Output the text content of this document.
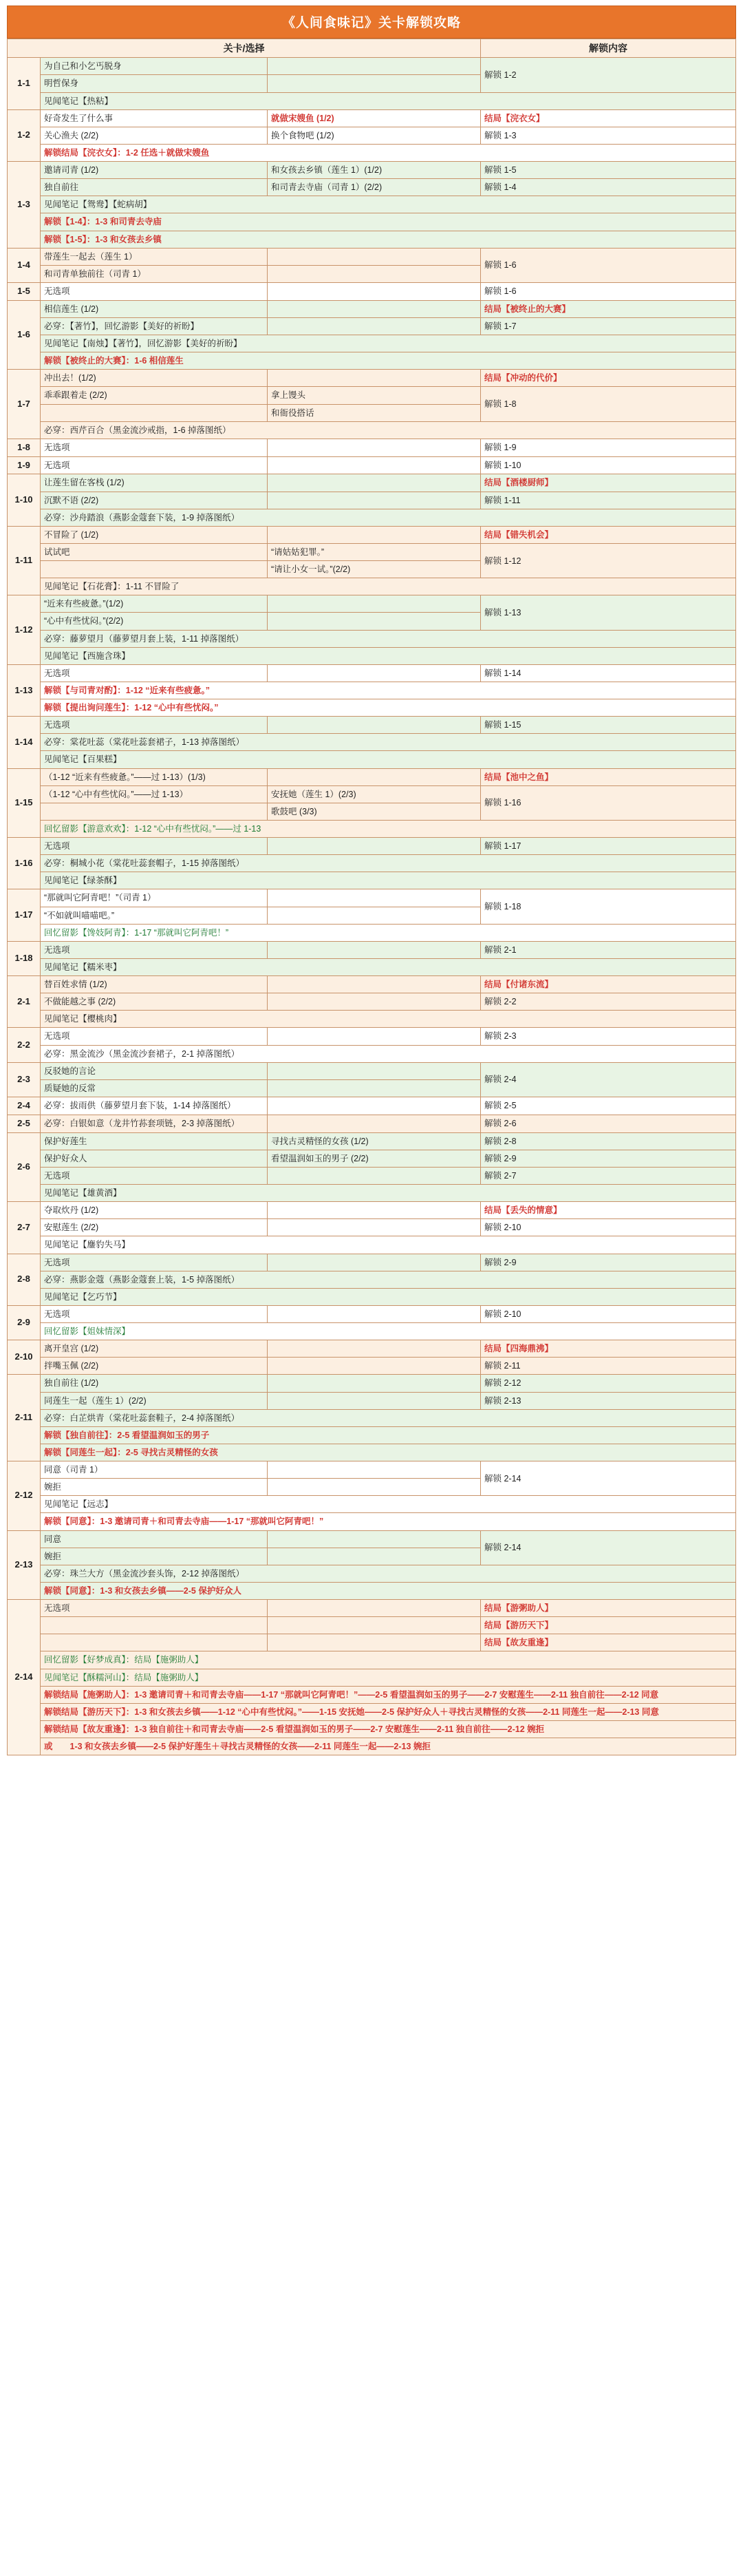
《人间食味记》关卡解锁攻略
关卡/选择			解锁内容
1-1	为自己和小乞丐脱身		解锁 1-2
	明哲保身		
	见闻笔记【热粘】		
1-2	好奇发生了什么事	就做宋嫂鱼 (1/2)	结局【浣衣女】
	关心渔夫 (2/2)	换个食物吧 (1/2)	解锁 1-3
	解锁结局【浣衣女】：1-2 任选＋就做宋嫂鱼		
1-3	邀请司青 (1/2)	和女孩去乡镇（莲生 1）(1/2)	解锁 1-5
	独自前往	和司青去寺庙（司青 1）(2/2)	解锁 1-4
	见闻笔记【鸳鸯】【蛇病胡】		
	解锁【1-4】：1-3 和司青去寺庙		
	解锁【1-5】：1-3 和女孩去乡镇		
1-4	带莲生一起去（莲生 1）		解锁 1-6
	和司青单独前往（司青 1）		
1-5	无选项		解锁 1-6
1-6	相信莲生 (1/2)		结局【被终止的大赛】
	必穿：【著竹】，回忆游影【美好的祈盼】		解锁 1-7
	见闻笔记【南烛】【著竹】，回忆游影【美好的祈盼】		
	解锁【被终止的大赛】：1-6 相信莲生		
1-7	冲出去！(1/2)		结局【冲动的代价】
	乖乖跟着走 (2/2)	拿上馒头	解锁 1-8
		和衙役搭话	
	必穿：西芹百合（黑金流沙戒指，1-6 掉落图纸）		
1-8	无选项		解锁 1-9
1-9	无选项		解锁 1-10
1-10	让莲生留在客栈 (1/2)		结局【酒楼厨师】
	沉默不语 (2/2)		解锁 1-11
	必穿：沙舟踏浪（燕影金蔻套下装，1-9 掉落图纸）		
1-11	不冒险了 (1/2)		结局【错失机会】
	试试吧	“请姑姑犯罪。”	解锁 1-12
		“请让小女一试。”(2/2)	
	见闻笔记【石花膏】：1-11 不冒险了		
1-12	“近来有些疲惫。”(1/2)		解锁 1-13
	“心中有些忧闷。”(2/2)		
	必穿：藤萝望月（藤萝望月套上装，1-11 掉落图纸）		
	见闻笔记【西施含珠】		
1-13	无选项		解锁 1-14
	解锁【与司青对酌】：1-12 “近来有些疲惫。”		
	解锁【提出询问莲生】：1-12 “心中有些忧闷。”		
1-14	无选项		解锁 1-15
	必穿：棠花吐蕊（棠花吐蕊套裙子，1-13 掉落图纸）		
	见闻笔记【百果糕】		
1-15	（1-12 “近来有些疲惫。”——过 1-13）(1/3)		结局【池中之鱼】
	（1-12 “心中有些忧闷。”——过 1-13）	安抚她（莲生 1）(2/3)	解锁 1-16
		歌鼓吧 (3/3)	
	回忆留影【游意欢欢】：1-12 “心中有些忧闷。”——过 1-13		
1-16	无选项		解锁 1-17
	必穿：桐城小花（棠花吐蕊套帽子，1-15 掉落图纸）		
	见闻笔记【绿茶酥】		
1-17	“那就叫它阿青吧！”（司青 1）		解锁 1-18
	“不如就叫喵喵吧。”		
	回忆留影【馋妓阿青】：1-17 “那就叫它阿青吧！”		
1-18	无选项		解锁 2-1
	见闻笔记【糯米枣】		
2-1	替百姓求情 (1/2)		结局【付诸东流】
	不做能越之事 (2/2)		解锁 2-2
	见闻笔记【樱桃肉】		
2-2	无选项		解锁 2-3
	必穿：黑金流沙（黑金流沙套裙子，2-1 掉落图纸）		
2-3	反驳她的言论		解锁 2-4
	质疑她的反常		
2-4	必穿：拔雨供（藤萝望月套下装，1-14 掉落图纸）		解锁 2-5
2-5	必穿：白银如意（龙井竹荪套项链，2-3 掉落图纸）		解锁 2-6
2-6	保护好莲生	寻找古灵精怪的女孩 (1/2)	解锁 2-8
	保护好众人	看望温润如玉的男子 (2/2)	解锁 2-9
	无选项		解锁 2-7
	见闻笔记【雄黄酒】		
2-7	夺取炊丹 (1/2)		结局【丢失的情意】
	安慰莲生 (2/2)		解锁 2-10
	见闻笔记【鏖豹失马】		
2-8	无选项		解锁 2-9
	必穿：燕影金蔻（燕影金蔻套上装，1-5 掉落图纸）		
	见闻笔记【乞巧节】		
2-9	无选项		解锁 2-10
	回忆留影【姐妹情深】		
2-10	离开皇宫 (1/2)		结局【四海鼎沸】
	拌嘴玉佩 (2/2)		解锁 2-11
2-11	独自前往 (1/2)		解锁 2-12
	同莲生一起（莲生 1）(2/2)		解锁 2-13
	必穿：白芷烘青（棠花吐蕊套鞋子，2-4 掉落图纸）		
	解锁【独自前往】：2-5 看望温润如玉的男子		
	解锁【同莲生一起】：2-5 寻找古灵精怪的女孩		
2-12	同意（司青 1）		解锁 2-14
	婉拒		
	见闻笔记【远志】		
	解锁【同意】：1-3 邀请司青＋和司青去寺庙——1-17 “那就叫它阿青吧！”		
2-13	同意		解锁 2-14
	婉拒		
	必穿：珠兰大方（黑金流沙套头饰，2-12 掉落图纸）		
	解锁【同意】：1-3 和女孩去乡镇——2-5 保护好众人		
2-14	无选项		结局【游粥助人】
			结局【游历天下】
			结局【故友重逢】
	回忆留影【好梦成真】：结局【施粥助人】		
	见闻笔记【酥糯河山】：结局【施粥助人】		
	解锁结局【施粥助人】：1-3 邀请司青＋和司青去寺庙——1-17 “那就叫它阿青吧！”——2-5 看望温润如玉的男子——2-7 安慰莲生——2-11 独自前往——2-12 同意		
	解锁结局【游历天下】：1-3 和女孩去乡镇——1-12 “心中有些忧闷。”——1-15 安抚她——2-5 保护好众人＋寻找古灵精怪的女孩——2-11 同莲生一起——2-13 同意		
	解锁结局【故友重逢】：1-3 独自前往＋和司青去寺庙——2-5 看望温润如玉的男子——2-7 安慰莲生——2-11 独自前往——2-12 婉拒		
	或　　1-3 和女孩去乡镇——2-5 保护好莲生＋寻找古灵精怪的女孩——2-11 同莲生一起——2-13 婉拒		
